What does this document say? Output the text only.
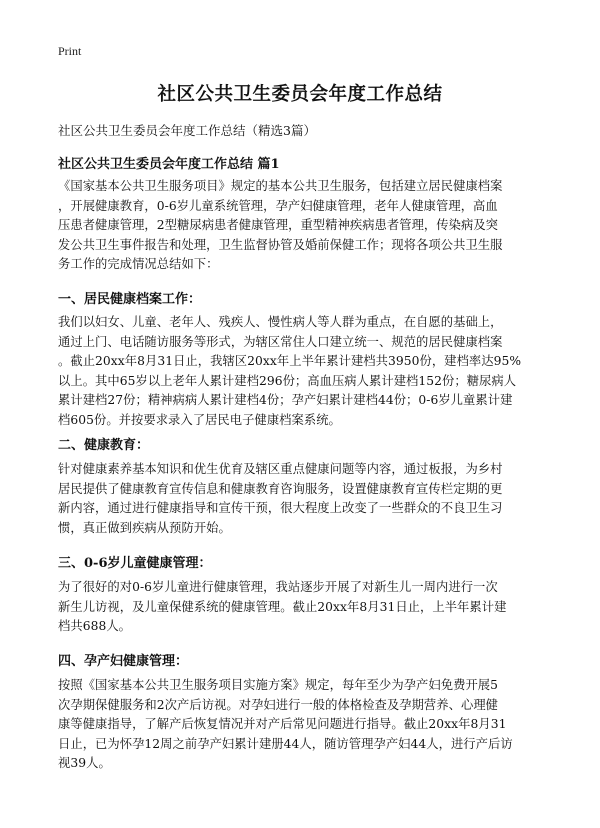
Print
社区公共卫生委员会年度工作总结
社区公共卫生委员会年度工作总结（精选3篇）
社区公共卫生委员会年度工作总结 篇1
《国家基本公共卫生服务项目》规定的基本公共卫生服务，包括建立居民健康档案
，开展健康教育，0-6岁儿童系统管理，孕产妇健康管理，老年人健康管理，高血
压患者健康管理，2型糖尿病患者健康管理，重型精神疾病患者管理，传染病及突
发公共卫生事件报告和处理，卫生监督协管及婚前保健工作；现将各项公共卫生服
务工作的完成情况总结如下：
一、居民健康档案工作：
我们以妇女、儿童、老年人、残疾人、慢性病人等人群为重点，在自愿的基础上，
通过上门、电话随访服务等形式，为辖区常住人口建立统一、规范的居民健康档案
。截止20xx年8月31日止，我辖区20xx年上半年累计建档共3950份，建档率达95%
以上。其中65岁以上老年人累计建档296份；高血压病人累计建档152份；糖尿病人
累计建档27份；精神病病人累计建档4份；孕产妇累计建档44份；0-6岁儿童累计建
档605份。并按要求录入了居民电子健康档案系统。
二、健康教育：
针对健康素养基本知识和优生优育及辖区重点健康问题等内容，通过板报，为乡村
居民提供了健康教育宣传信息和健康教育咨询服务，设置健康教育宣传栏定期的更
新内容，通过进行健康指导和宣传干预，很大程度上改变了一些群众的不良卫生习
惯，真正做到疾病从预防开始。
三、0-6岁儿童健康管理：
为了很好的对0-6岁儿童进行健康管理，我站逐步开展了对新生儿一周内进行一次
新生儿访视，及儿童保健系统的健康管理。截止20xx年8月31日止，上半年累计建
档共688人。
四、孕产妇健康管理：
按照《国家基本公共卫生服务项目实施方案》规定，每年至少为孕产妇免费开展5
次孕期保健服务和2次产后访视。对孕妇进行一般的体格检查及孕期营养、心理健
康等健康指导，了解产后恢复情况并对产后常见问题进行指导。截止20xx年8月31
日止，已为怀孕12周之前孕产妇累计建册44人，随访管理孕产妇44人，进行产后访
视39人。
